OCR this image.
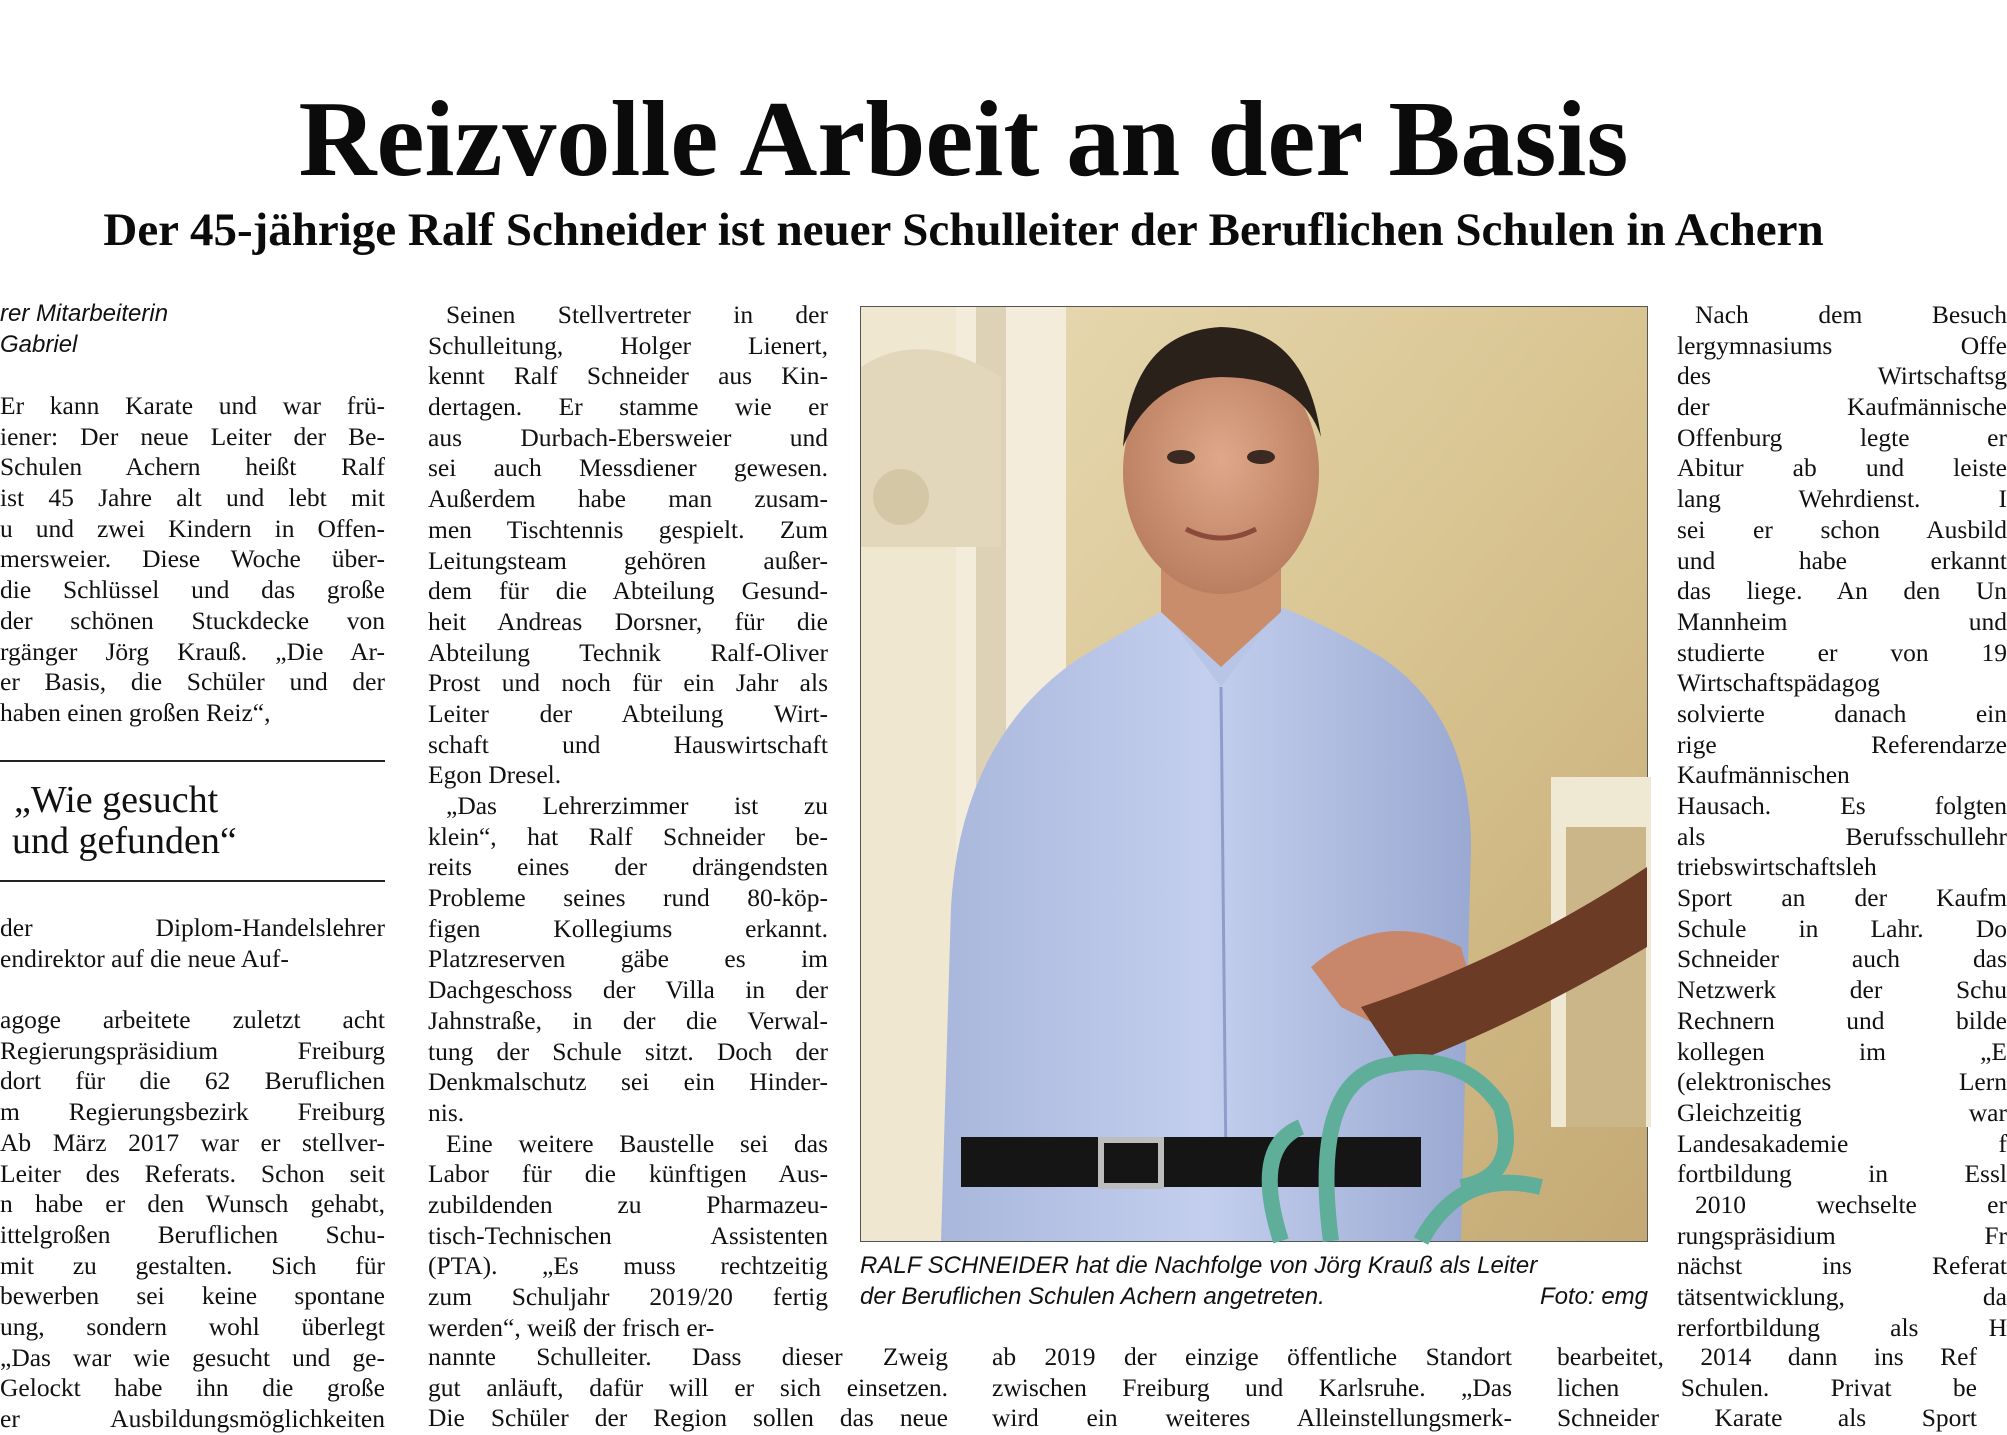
Reizvolle Arbeit an der Basis
Der 45-jährige Ralf Schneider ist neuer Schulleiter der Beruflichen Schulen in Achern
rer Mitarbeiterin
Gabriel
Er kann Karate und war frü-
iener: Der neue Leiter der Be-
Schulen Achern heißt Ralf
ist 45 Jahre alt und lebt mit
u und zwei Kindern in Offen-
mersweier. Diese Woche über-
die Schlüssel und das große
der schönen Stuckdecke von
rgänger Jörg Krauß. „Die Ar-
er Basis, die Schüler und der
haben einen großen Reiz“,
„Wie gesucht
und gefunden“
der Diplom-Handelslehrer
endirektor auf die neue Auf-
agoge arbeitete zuletzt acht
Regierungspräsidium Freiburg
dort für die 62 Beruflichen
m Regierungsbezirk Freiburg
Ab März 2017 war er stellver-
Leiter des Referats. Schon seit
n habe er den Wunsch gehabt,
ittelgroßen Beruflichen Schu-
mit zu gestalten. Sich für
bewerben sei keine spontane
ung, sondern wohl überlegt
„Das war wie gesucht und ge-
Gelockt habe ihn die große
er Ausbildungsmöglichkeiten
Seinen Stellvertreter in der
Schulleitung, Holger Lienert,
kennt Ralf Schneider aus Kin-
dertagen. Er stamme wie er
aus Durbach-Ebersweier und
sei auch Messdiener gewesen.
Außerdem habe man zusam-
men Tischtennis gespielt. Zum
Leitungsteam gehören außer-
dem für die Abteilung Gesund-
heit Andreas Dorsner, für die
Abteilung Technik Ralf-Oliver
Prost und noch für ein Jahr als
Leiter der Abteilung Wirt-
schaft und Hauswirtschaft
Egon Dresel.
„Das Lehrerzimmer ist zu
klein“, hat Ralf Schneider be-
reits eines der drängendsten
Probleme seines rund 80-köp-
figen Kollegiums erkannt.
Platzreserven gäbe es im
Dachgeschoss der Villa in der
Jahnstraße, in der die Verwal-
tung der Schule sitzt. Doch der
Denkmalschutz sei ein Hinder-
nis.
Eine weitere Baustelle sei das
Labor für die künftigen Aus-
zubildenden zu Pharmazeu-
tisch-Technischen Assistenten
(PTA). „Es muss rechtzeitig
zum Schuljahr 2019/20 fertig
werden“, weiß der frisch er-
nannte Schulleiter. Dass dieser Zweig
gut anläuft, dafür will er sich einsetzen.
Die Schüler der Region sollen das neue
ab 2019 der einzige öffentliche Standort
zwischen Freiburg und Karlsruhe. „Das
wird ein weiteres Alleinstellungsmerk-
RALF SCHNEIDER hat die Nachfolge von Jörg Krauß als Leiter
der Beruflichen Schulen Achern angetreten.	Foto: emg
Nach dem Besuch
lergymnasiums Offe
des Wirtschaftsg
der Kaufmännische
Offenburg legte er
Abitur ab und leiste
lang Wehrdienst. I
sei er schon Ausbild
und habe erkannt
das liege. An den Un
Mannheim und
studierte er von 19
Wirtschaftspädagog
solvierte danach ein
rige Referendarze
Kaufmännischen
Hausach. Es folgten
als Berufsschullehr
triebswirtschaftsleh
Sport an der Kaufm
Schule in Lahr. Do
Schneider auch das
Netzwerk der Schu
Rechnern und bilde
kollegen im „E
(elektronisches Lern
Gleichzeitig war
Landesakademie f
fortbildung in Essl
2010 wechselte er
rungspräsidium Fr
nächst ins Referat
tätsentwicklung, da
rerfortbildung als H
bearbeitet, 2014 dann ins Ref
lichen Schulen. Privat be
Schneider Karate als Sport
